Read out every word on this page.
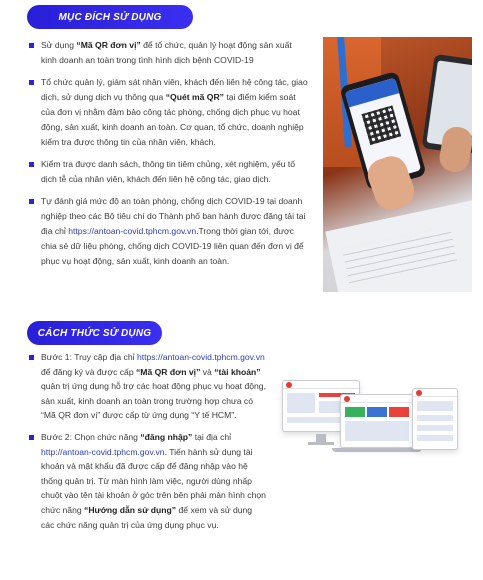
MỤC ĐÍCH SỬ DỤNG
Sử dụng “Mã QR đơn vị” để tổ chức, quản lý hoạt động sản xuất kinh doanh an toàn trong tình hình dịch bệnh COVID-19
Tổ chức quản lý, giám sát nhân viên, khách đến liên hệ công tác, giao dịch, sử dụng dịch vụ thông qua “Quét mã QR” tại điểm kiểm soát của đơn vị nhằm đảm bảo công tác phòng, chống dịch phục vụ hoạt động, sản xuất, kinh doanh an toàn. Cơ quan, tổ chức, doanh nghiệp kiểm tra được thông tin của nhân viên, khách.
Kiểm tra được danh sách, thông tin tiêm chủng, xét nghiệm, yếu tố dịch tễ của nhân viên, khách đến liên hệ công tác, giao dịch.
Tự đánh giá mức độ an toàn phòng, chống dịch COVID-19 tại doanh nghiệp theo các Bộ tiêu chí do Thành phố ban hành được đăng tải tại địa chỉ https://antoan-covid.tphcm.gov.vn.Trong thời gian tới, được chia sẻ dữ liệu phòng, chống dịch COVID-19 liên quan đến đơn vị để phục vụ hoạt động, sản xuất, kinh doanh an toàn.
CÁCH THỨC SỬ DỤNG
Bước 1: Truy cập địa chỉ https://antoan-covid.tphcm.gov.vn để đăng ký và được cấp “Mã QR đơn vị” và “tài khoản” quản trị ứng dụng hỗ trợ các hoạt động phục vụ hoạt động, sản xuất, kinh doanh an toàn trong trường hợp chưa có “Mã QR đơn vị” được cấp từ ứng dụng “Y tế HCM”.
Bước 2: Chọn chức năng “đăng nhập” tại địa chỉ http://antoan-covid.tphcm.gov.vn. Tiến hành sử dụng tài khoản và mật khẩu đã được cấp để đăng nhập vào hệ thống quản trị. Từ màn hình làm việc, người dùng nhấp chuột vào tên tài khoản ở góc trên bên phải màn hình chọn chức năng “Hướng dẫn sử dụng” để xem và sử dụng các chức năng quản trị của ứng dụng phục vụ.
